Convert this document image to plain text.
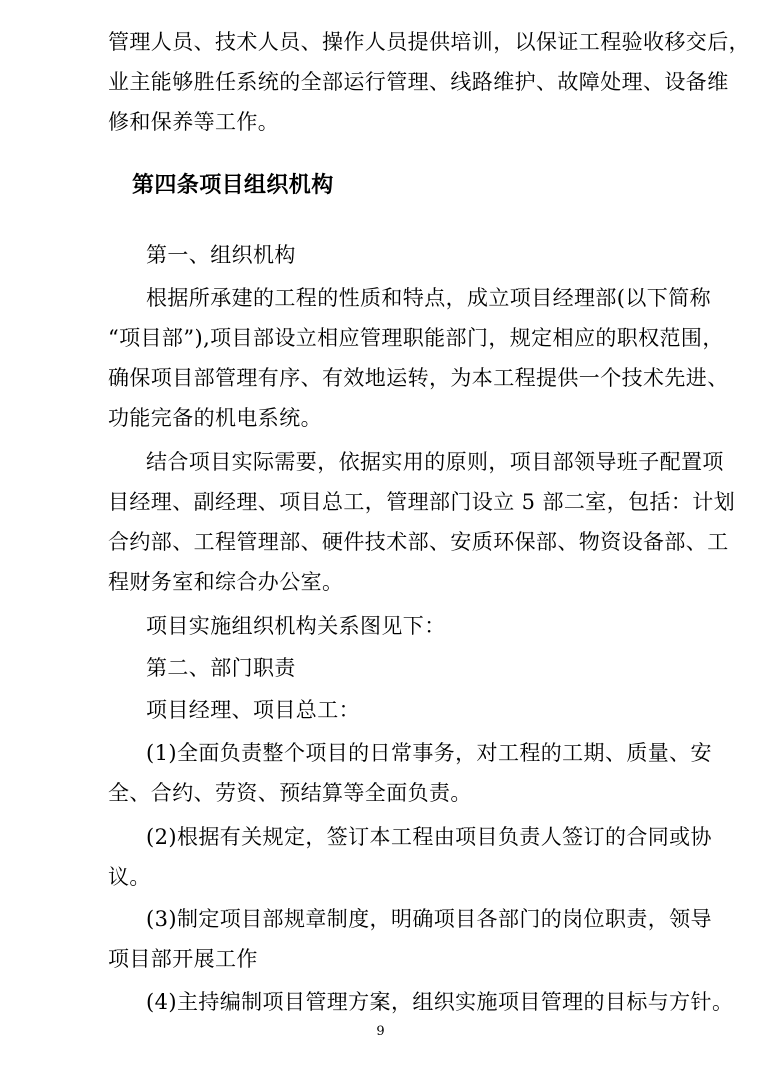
管理人员、技术人员、操作人员提供培训，以保证工程验收移交后，
业主能够胜任系统的全部运行管理、线路维护、故障处理、设备维
修和保养等工作。
第四条项目组织机构
第一、组织机构
根据所承建的工程的性质和特点，成立项目经理部(以下简称
“项目部”),项目部设立相应管理职能部门，规定相应的职权范围，
确保项目部管理有序、有效地运转，为本工程提供一个技术先进、
功能完备的机电系统。
结合项目实际需要，依据实用的原则，项目部领导班子配置项
目经理、副经理、项目总工，管理部门设立 5 部二室，包括：计划
合约部、工程管理部、硬件技术部、安质环保部、物资设备部、工
程财务室和综合办公室。
项目实施组织机构关系图见下：
第二、部门职责
项目经理、项目总工：
(1)全面负责整个项目的日常事务，对工程的工期、质量、安
全、合约、劳资、预结算等全面负责。
(2)根据有关规定，签订本工程由项目负责人签订的合同或协
议。
(3)制定项目部规章制度，明确项目各部门的岗位职责，领导
项目部开展工作
(4)主持编制项目管理方案，组织实施项目管理的目标与方针。
9
